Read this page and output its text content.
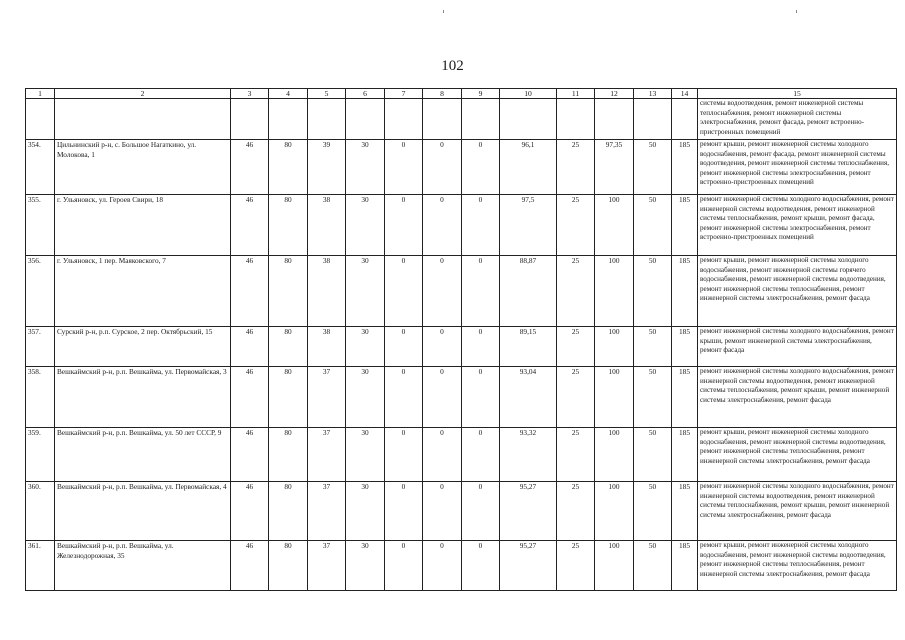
102
1	2	3	4	5	6	7	8	9	10	11	12	13	14	15
														системы водоотведения, ремонт инженерной системы теплоснабжения, ремонт инженерной системы электроснабжения, ремонт фасада, ремонт встроенно-пристроенных помещений
354.	Цильнинский р-н, с. Большое Нагаткино, ул. Молокова, 1	46	80	39	30	0	0	0	96,1	25	97,35	50	185	ремонт крыши, ремонт инженерной системы холодного водоснабжения, ремонт фасада, ремонт инженерной системы водоотведения, ремонт инженерной системы теплоснабжения, ремонт инженерной системы электроснабжения, ремонт встроенно-пристроенных помещений
355.	г. Ульяновск, ул. Героев Свири, 18	46	80	38	30	0	0	0	97,5	25	100	50	185	ремонт инженерной системы холодного водоснабжения, ремонт инженерной системы водоотведения, ремонт инженерной системы теплоснабжения, ремонт крыши, ремонт фасада, ремонт инженерной системы электроснабжения, ремонт встроенно-пристроенных помещений
356.	г. Ульяновск, 1 пер. Маяковского, 7	46	80	38	30	0	0	0	88,87	25	100	50	185	ремонт крыши, ремонт инженерной системы холодного водоснабжения, ремонт инженерной системы горячего водоснабжения, ремонт инженерной системы водоотведения, ремонт инженерной системы теплоснабжения, ремонт инженерной системы электроснабжения, ремонт фасада
357.	Сурский р-н, р.п. Сурское, 2 пер. Октябрьский, 15	46	80	38	30	0	0	0	89,15	25	100	50	185	ремонт инженерной системы холодного водоснабжения, ремонт крыши, ремонт инженерной системы электроснабжения, ремонт фасада
358.	Вешкаймский р-н, р.п. Вешкайма, ул. Первомайская, 3	46	80	37	30	0	0	0	93,04	25	100	50	185	ремонт инженерной системы холодного водоснабжения, ремонт инженерной системы водоотведения, ремонт инженерной системы теплоснабжения, ремонт крыши, ремонт инженерной системы электроснабжения, ремонт фасада
359.	Вешкаймский р-н, р.п. Вешкайма, ул. 50 лет СССР, 9	46	80	37	30	0	0	0	93,32	25	100	50	185	ремонт крыши, ремонт инженерной системы холодного водоснабжения, ремонт инженерной системы водоотведения, ремонт инженерной системы теплоснабжения, ремонт инженерной системы электроснабжения, ремонт фасада
360.	Вешкаймский р-н, р.п. Вешкайма, ул. Первомайская, 4	46	80	37	30	0	0	0	95,27	25	100	50	185	ремонт инженерной системы холодного водоснабжения, ремонт инженерной системы водоотведения, ремонт инженерной системы теплоснабжения, ремонт крыши, ремонт инженерной системы электроснабжения, ремонт фасада
361.	Вешкаймский р-н, р.п. Вешкайма, ул. Железнодорожная, 35	46	80	37	30	0	0	0	95,27	25	100	50	185	ремонт крыши, ремонт инженерной системы холодного водоснабжения, ремонт инженерной системы водоотведения, ремонт инженерной системы теплоснабжения, ремонт инженерной системы электроснабжения, ремонт фасада
